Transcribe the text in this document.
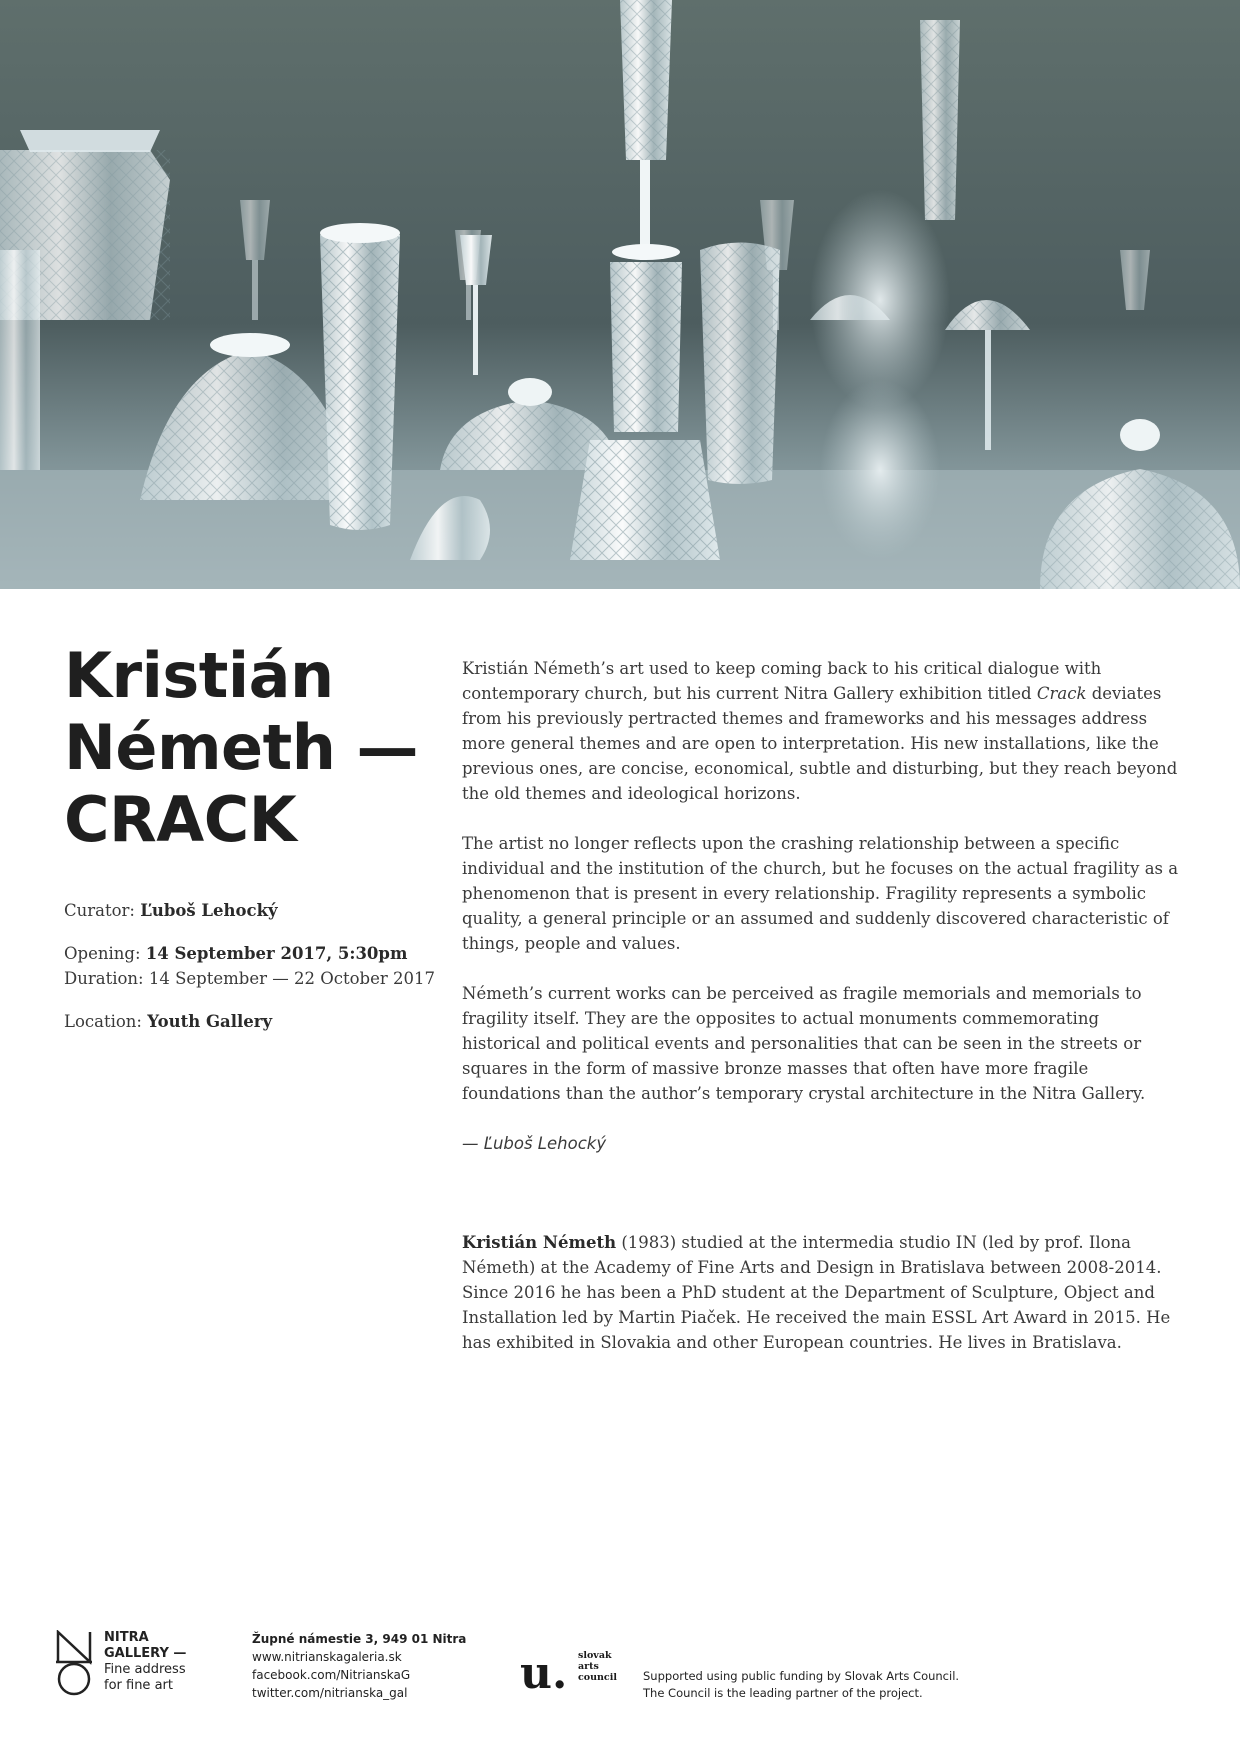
Kristián
Németh —
CRACK

Curator: Ľuboš Lehocký

Opening: 14 September 2017, 5:30pm

Duration: 14 September — 22 October 2017

Location: Youth Gallery

Kristián Németh’s art used to keep coming back to his critical dialogue with contemporary church, but his current Nitra Gallery exhibition titled Crack deviates from his previously pertracted themes and frameworks and his messages address more general themes and are open to interpretation. His new installations, like the previous ones, are concise, economical, subtle and disturbing, but they reach beyond the old themes and ideological horizons.

The artist no longer reflects upon the crashing relationship between a specific individual and the institution of the church, but he focuses on the actual fragility as a phenomenon that is present in every relationship. Fragility represents a symbolic quality, a general principle or an assumed and suddenly discovered characteristic of things, people and values.

Németh’s current works can be perceived as fragile memorials and memorials to fragility itself. They are the opposites to actual monuments commemorating historical and political events and personalities that can be seen in the streets or squares in the form of massive bronze masses that often have more fragile foundations than the author’s temporary crystal architecture in the Nitra Gallery.

— Ľuboš Lehocký

Kristián Németh (1983) studied at the intermedia studio IN (led by prof. Ilona Németh) at the Academy of Fine Arts and Design in Bratislava between 2008-2014. Since 2016 he has been a PhD student at the Department of Sculpture, Object and Installation led by Martin Piaček. He received the main ESSL Art Award in 2015. He has exhibited in Slovakia and other European countries. He lives in Bratislava.

NITRA
GALLERY —
Fine address
for fine art
Župné námestie 3, 949 01 Nitra
www.nitrianskagaleria.sk
facebook.com/NitrianskaG
twitter.com/nitrianska_gal	u. slovak
arts
council Supported using public funding by Slovak Arts Council.
The Council is the leading partner of the project.
